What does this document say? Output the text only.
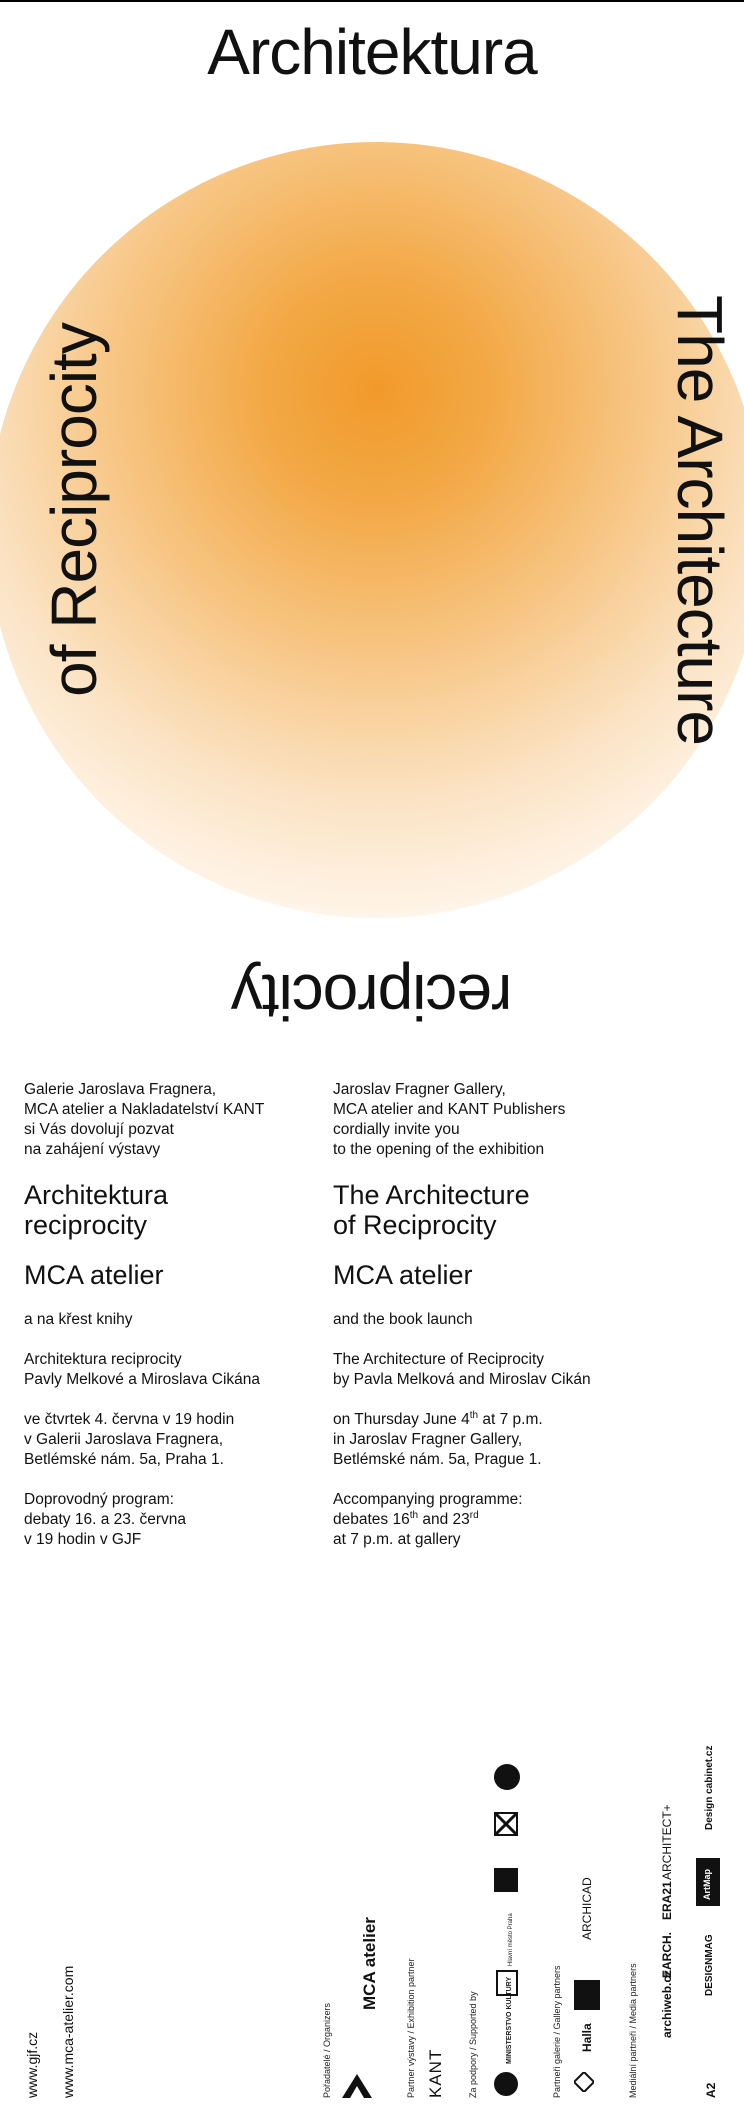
Architektura
of Reciprocity	The Architecture
reciprocity

Galerie Jaroslava Fragnera,
MCA atelier a Nakladatelství KANT
si Vás dovolují pozvat
na zahájení výstavy

Architektura
reciprocity
MCA atelier

a na křest knihy

Architektura reciprocity
Pavly Melkové a Miroslava Cikána

ve čtvrtek 4. června v 19 hodin
v Galerii Jaroslava Fragnera,
Betlémské nám. 5a, Praha 1.

Doprovodný program:
debaty 16. a 23. června
v 19 hodin v GJF

Jaroslav Fragner Gallery,
MCA atelier and KANT Publishers
cordially invite you
to the opening of the exhibition

The Architecture
of Reciprocity
MCA atelier

and the book launch

The Architecture of Reciprocity
by Pavla Melková and Miroslav Cikán

on Thursday June 4th at 7 p.m.
in Jaroslav Fragner Gallery,
Betlémské nám. 5a, Prague 1.

Accompanying programme:
debates 16th and 23rd
at 7 p.m. at gallery

www.gjf.cz www.mca-atelier.com	Pořadatelé / Organizers
MCA atelier	Partner výstavy / Exhibition partner KANT	Za podpory / Supported by	MINISTERSTVO KULTURY
Hlavní město Praha
Partneři galerie / Gallery partners Halla
ARCHICAD
Mediální partneři / Media partners archiweb.cz
EARCH.
ERA21
ARCHITECT+
A2
DESIGNMAG
ArtMap
Design cabinet.cz
